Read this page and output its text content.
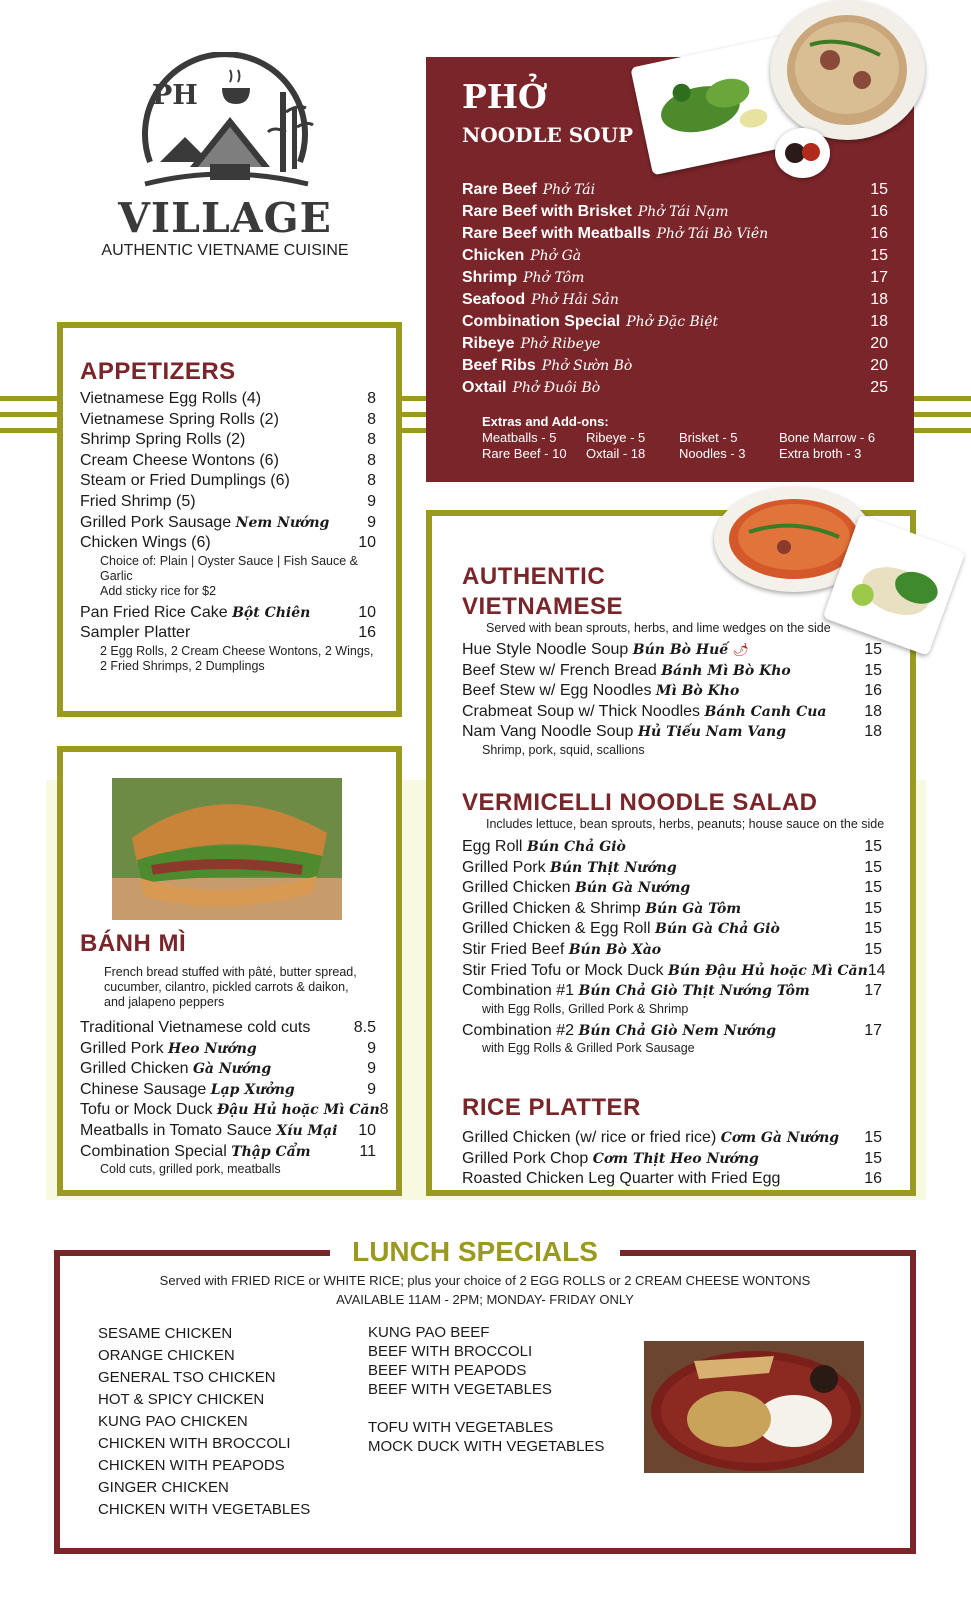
PH
VILLAGE
AUTHENTIC VIETNAME CUISINE
PHỞ
NOODLE SOUP
Rare Beef Phở Tái	15
Rare Beef with Brisket Phở Tái Nạm	16
Rare Beef with Meatballs Phở Tái Bò Viên	16
Chicken Phở Gà	15
Shrimp Phở Tôm	17
Seafood Phở Hải Sản	18
Combination Special Phở Đặc Biệt	18
Ribeye Phở Ribeye	20
Beef Ribs Phở Sườn Bò	20
Oxtail Phở Đuôi Bò	25
Extras and Add-ons:
Meatballs - 5	Ribeye - 5	Brisket - 5	Bone Marrow - 6
Rare Beef - 10	Oxtail - 18	Noodles - 3	Extra broth - 3
APPETIZERS
Vietnamese Egg Rolls (4)	8
Vietnamese Spring Rolls (2)	8
Shrimp Spring Rolls (2)	8
Cream Cheese Wontons (6)	8
Steam or Fried Dumplings (6)	8
Fried Shrimp (5)	9
Grilled Pork Sausage Nem Nướng 9
Chicken Wings (6)	10
Choice of: Plain | Oyster Sauce | Fish Sauce & Garlic
Add sticky rice for $2
Pan Fried Rice Cake Bột Chiên	10
Sampler Platter	16
2 Egg Rolls, 2 Cream Cheese Wontons, 2 Wings,
2 Fried Shrimps, 2 Dumplings
BÁNH MÌ
French bread stuffed with pâté, butter spread,
cucumber, cilantro, pickled carrots & daikon,
and jalapeno peppers
Traditional Vietnamese cold cuts	8.5
Grilled Pork Heo Nướng	9
Grilled Chicken Gà Nướng	9
Chinese Sausage Lạp Xưởng	9
Tofu or Mock Duck Đậu Hủ hoặc Mì Căn 8
Meatballs in Tomato Sauce Xíu Mại 10
Combination Special Thập Cẩm	11
Cold cuts, grilled pork, meatballs
AUTHENTIC
VIETNAMESE
Served with bean sprouts, herbs, and lime wedges on the side
Hue Style Noodle Soup Bún Bò Huế 🌶	15
Beef Stew w/ French Bread Bánh Mì Bò Kho	15
Beef Stew w/ Egg Noodles Mì Bò Kho	16
Crabmeat Soup w/ Thick Noodles Bánh Canh Cua 18
Nam Vang Noodle Soup Hủ Tiếu Nam Vang	18
Shrimp, pork, squid, scallions
VERMICELLI NOODLE SALAD
Includes lettuce, bean sprouts, herbs, peanuts; house sauce on the side
Egg Roll Bún Chả Giò	15
Grilled Pork Bún Thịt Nướng	15
Grilled Chicken Bún Gà Nướng	15
Grilled Chicken & Shrimp Bún Gà Tôm	15
Grilled Chicken & Egg Roll Bún Gà Chả Giò	15
Stir Fried Beef Bún Bò Xào	15
Stir Fried Tofu or Mock Duck Bún Đậu Hủ hoặc Mì Căn 14
Combination #1 Bún Chả Giò Thịt Nướng Tôm	17
with Egg Rolls, Grilled Pork & Shrimp
Combination #2 Bún Chả Giò Nem Nướng	17
with Egg Rolls & Grilled Pork Sausage
RICE PLATTER
Grilled Chicken (w/ rice or fried rice) Cơm Gà Nướng 15
Grilled Pork Chop Cơm Thịt Heo Nướng	15
Roasted Chicken Leg Quarter with Fried Egg	16
LUNCH SPECIALS
Served with FRIED RICE or WHITE RICE; plus your choice of 2 EGG ROLLS or 2 CREAM CHEESE WONTONS
AVAILABLE 11AM - 2PM; MONDAY- FRIDAY ONLY
SESAME CHICKEN
ORANGE CHICKEN
GENERAL TSO CHICKEN
HOT & SPICY CHICKEN
KUNG PAO CHICKEN
CHICKEN WITH BROCCOLI
CHICKEN WITH PEAPODS
GINGER CHICKEN
CHICKEN WITH VEGETABLES
KUNG PAO BEEF
BEEF WITH BROCCOLI
BEEF WITH PEAPODS
BEEF WITH VEGETABLES
TOFU WITH VEGETABLES
MOCK DUCK WITH VEGETABLES
